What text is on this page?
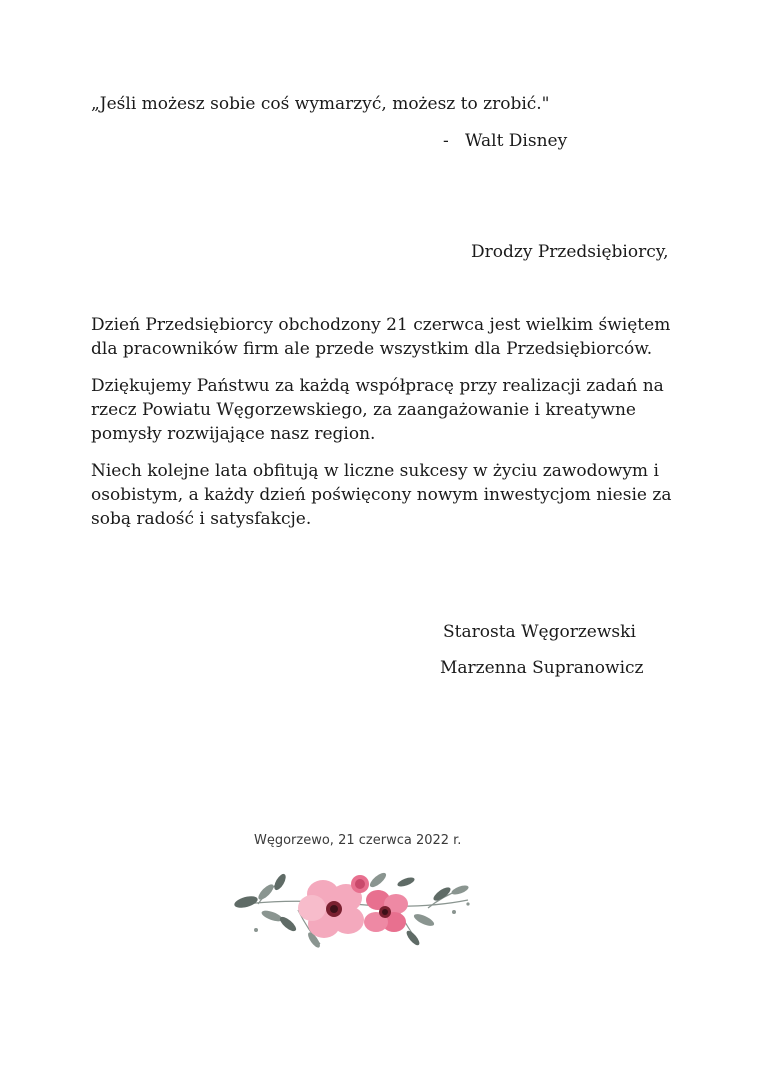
„Jeśli możesz sobie coś wymarzyć, możesz to zrobić."
- Walt Disney
Drodzy Przedsiębiorcy,
Dzień Przedsiębiorcy obchodzony 21 czerwca jest wielkim świętem dla pracowników firm ale przede wszystkim dla Przedsiębiorców.
Dziękujemy Państwu za każdą współpracę przy realizacji zadań na rzecz Powiatu Węgorzewskiego, za zaangażowanie i kreatywne pomysły rozwijające nasz region.
Niech kolejne lata obfitują w liczne sukcesy w życiu zawodowym i osobistym, a każdy dzień poświęcony nowym inwestycjom niesie za sobą radość i satysfakcje.
Starosta Węgorzewski
Marzenna Supranowicz
Węgorzewo, 21 czerwca 2022 r.
